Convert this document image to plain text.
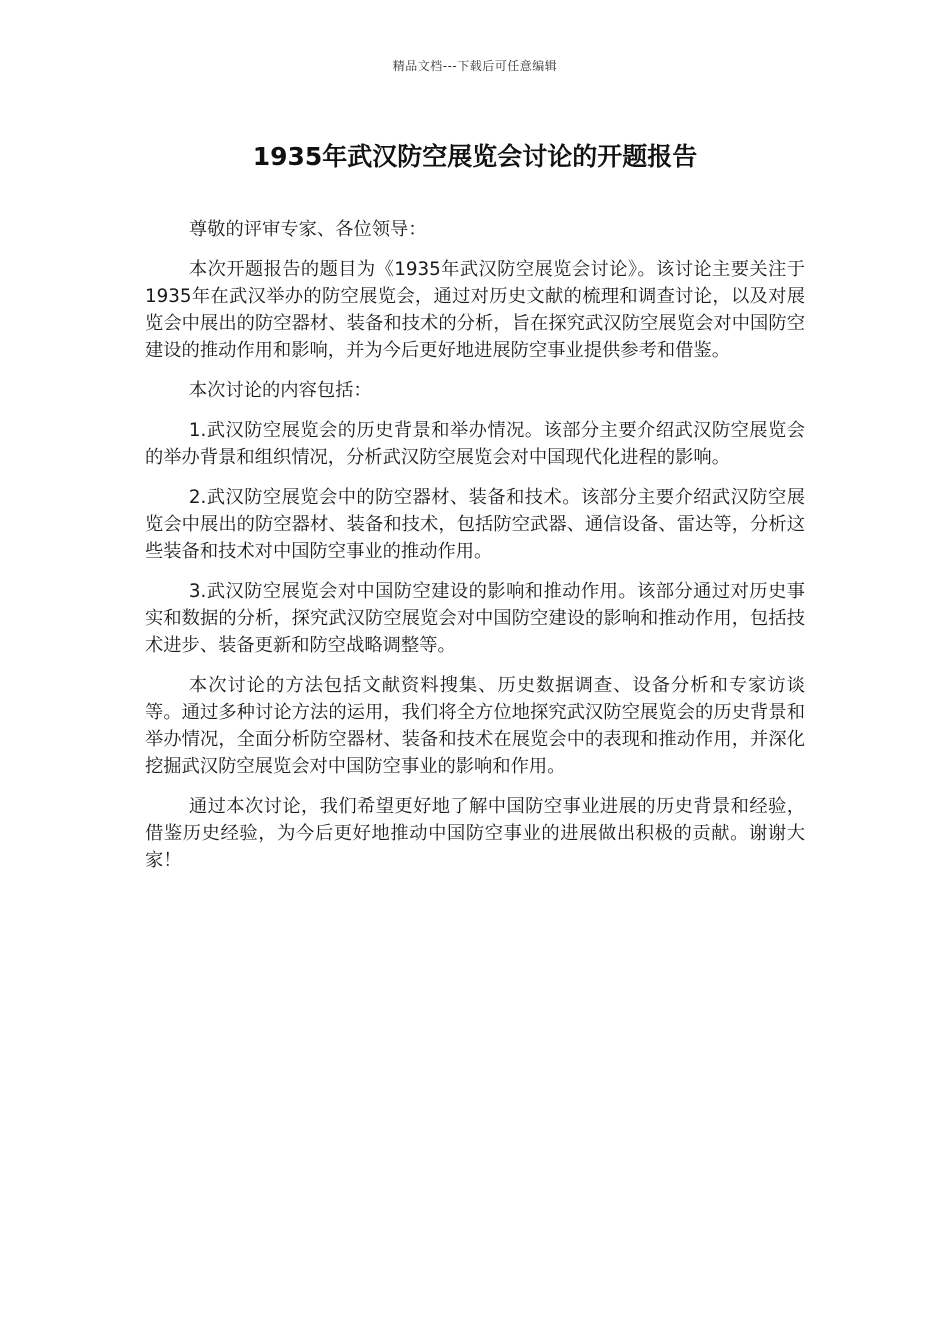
精品文档---下载后可任意编辑
1935年武汉防空展览会讨论的开题报告

尊敬的评审专家、各位领导：

本次开题报告的题目为《1935年武汉防空展览会讨论》。该讨论主要关注于1935年在武汉举办的防空展览会，通过对历史文献的梳理和调查讨论，以及对展览会中展出的防空器材、装备和技术的分析，旨在探究武汉防空展览会对中国防空建设的推动作用和影响，并为今后更好地进展防空事业提供参考和借鉴。

本次讨论的内容包括：

1.武汉防空展览会的历史背景和举办情况。该部分主要介绍武汉防空展览会的举办背景和组织情况，分析武汉防空展览会对中国现代化进程的影响。

2.武汉防空展览会中的防空器材、装备和技术。该部分主要介绍武汉防空展览会中展出的防空器材、装备和技术，包括防空武器、通信设备、雷达等，分析这些装备和技术对中国防空事业的推动作用。

3.武汉防空展览会对中国防空建设的影响和推动作用。该部分通过对历史事实和数据的分析，探究武汉防空展览会对中国防空建设的影响和推动作用，包括技术进步、装备更新和防空战略调整等。

本次讨论的方法包括文献资料搜集、历史数据调查、设备分析和专家访谈等。通过多种讨论方法的运用，我们将全方位地探究武汉防空展览会的历史背景和举办情况，全面分析防空器材、装备和技术在展览会中的表现和推动作用，并深化挖掘武汉防空展览会对中国防空事业的影响和作用。

通过本次讨论，我们希望更好地了解中国防空事业进展的历史背景和经验，借鉴历史经验，为今后更好地推动中国防空事业的进展做出积极的贡献。谢谢大家！
